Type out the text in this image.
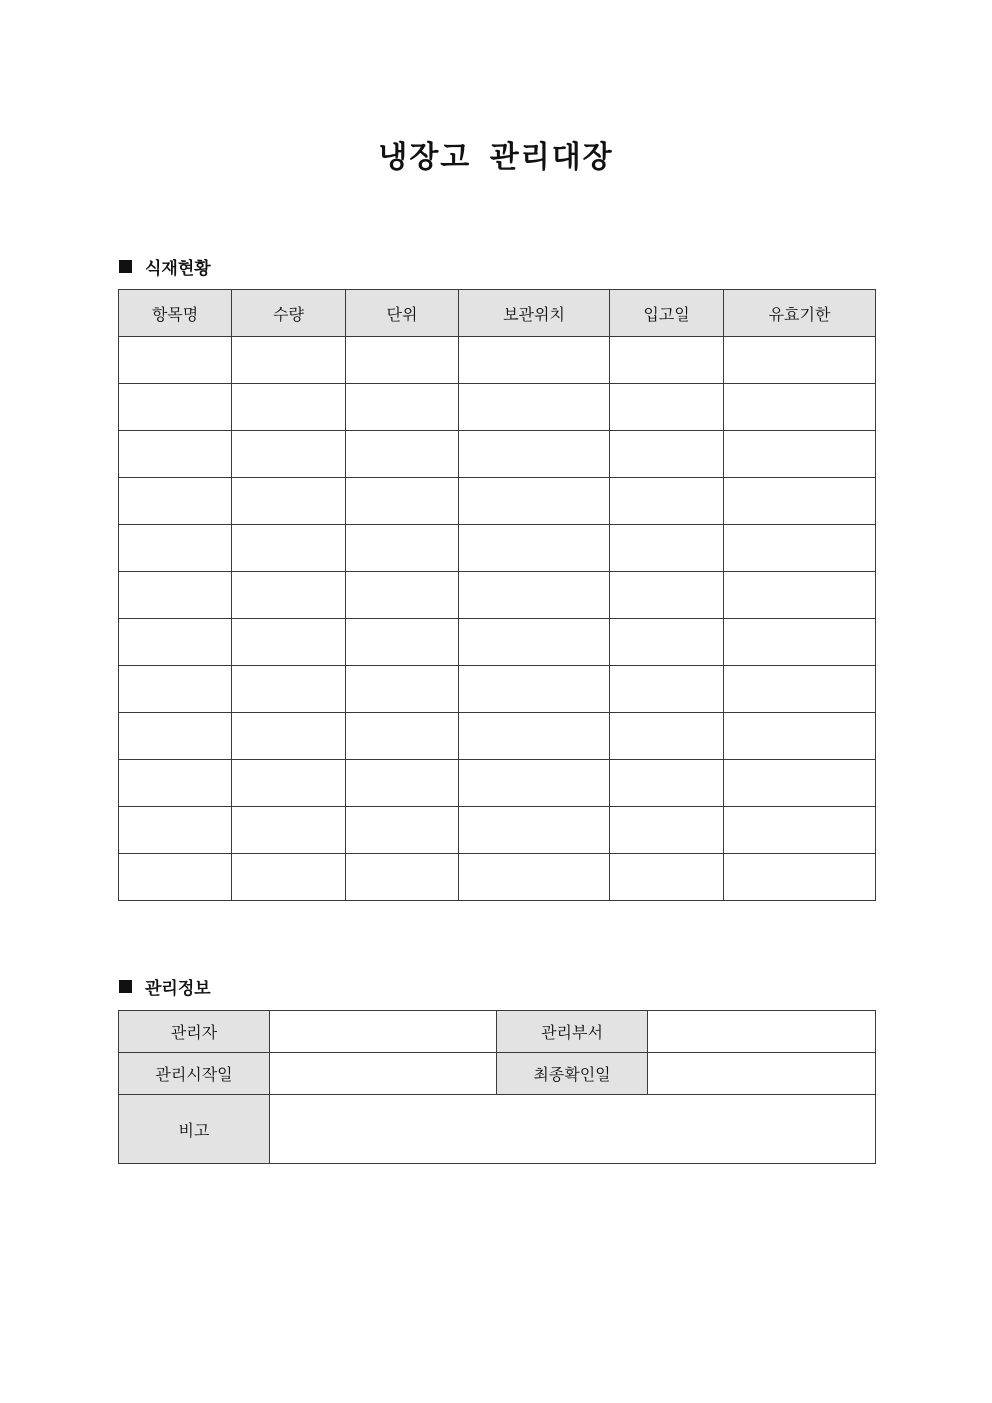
냉장고 관리대장
식재현황
항목명	수량	단위	보관위치	입고일	유효기한

관리정보
관리자		관리부서	
관리시작일		최종확인일	
비고			
